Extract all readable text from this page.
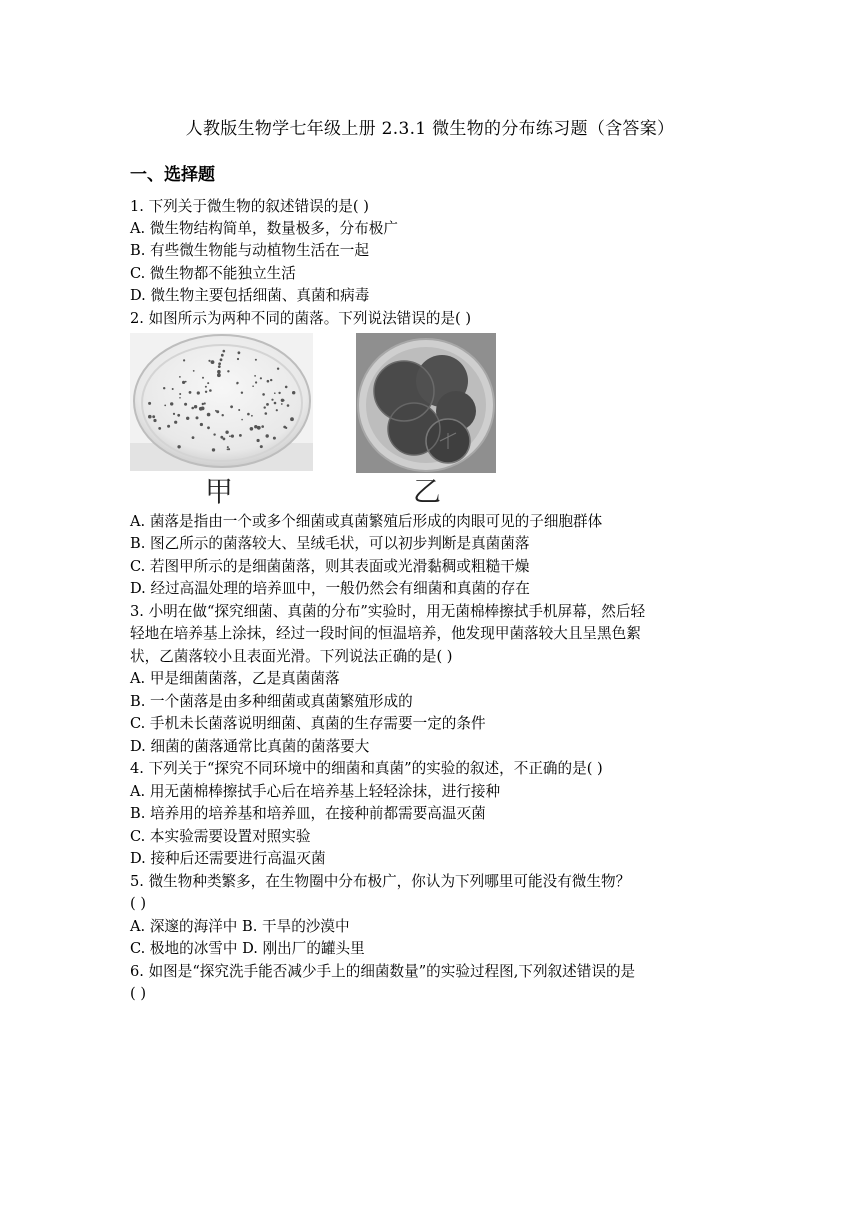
人教版生物学七年级上册 2.3.1 微生物的分布练习题（含答案）
一、选择题
1. 下列关于微生物的叙述错误的是( )
A. 微生物结构简单，数量极多，分布极广
B. 有些微生物能与动植物生活在一起
C. 微生物都不能独立生活
D. 微生物主要包括细菌、真菌和病毒
2. 如图所示为两种不同的菌落。下列说法错误的是( )
甲	乙
A. 菌落是指由一个或多个细菌或真菌繁殖后形成的肉眼可见的子细胞群体
B. 图乙所示的菌落较大、呈绒毛状，可以初步判断是真菌菌落
C. 若图甲所示的是细菌菌落，则其表面或光滑黏稠或粗糙干燥
D. 经过高温处理的培养皿中，一般仍然会有细菌和真菌的存在
3. 小明在做“探究细菌、真菌的分布”实验时，用无菌棉棒擦拭手机屏幕，然后轻
轻地在培养基上涂抹，经过一段时间的恒温培养，他发现甲菌落较大且呈黑色絮
状，乙菌落较小且表面光滑。下列说法正确的是( )
A. 甲是细菌菌落，乙是真菌菌落
B. 一个菌落是由多种细菌或真菌繁殖形成的
C. 手机未长菌落说明细菌、真菌的生存需要一定的条件
D. 细菌的菌落通常比真菌的菌落要大
4. 下列关于“探究不同环境中的细菌和真菌”的实验的叙述，不正确的是( )
A. 用无菌棉棒擦拭手心后在培养基上轻轻涂抹，进行接种
B. 培养用的培养基和培养皿，在接种前都需要高温灭菌
C. 本实验需要设置对照实验
D. 接种后还需要进行高温灭菌
5. 微生物种类繁多，在生物圈中分布极广，你认为下列哪里可能没有微生物？
( )
A. 深邃的海洋中 B. 干旱的沙漠中
C. 极地的冰雪中 D. 刚出厂的罐头里
6. 如图是“探究洗手能否减少手上的细菌数量”的实验过程图,下列叙述错误的是
( )
